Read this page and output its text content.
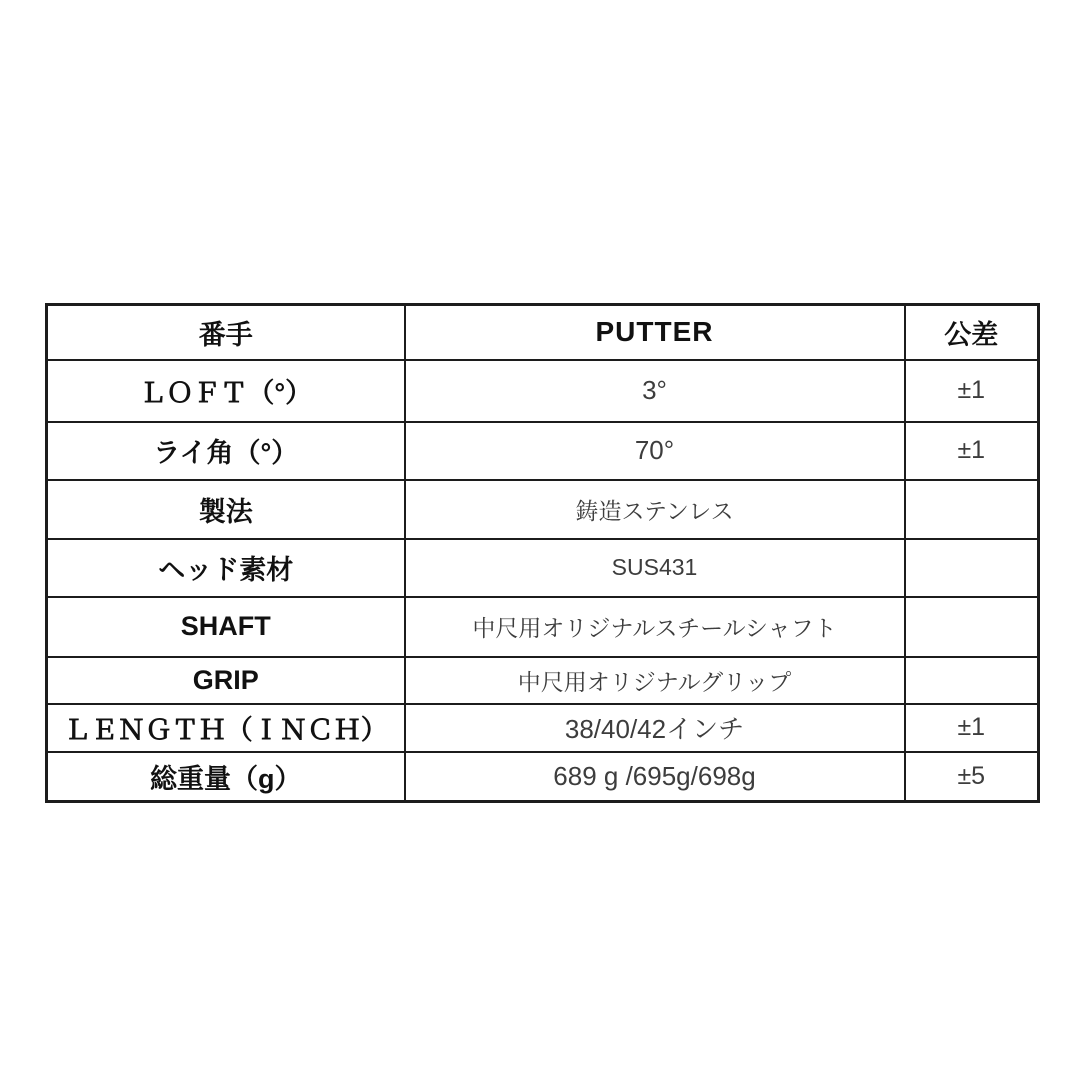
番手	PUTTER	公差
ＬＯＦＴ（°）	3°	±1
ライ角（°）	70°	±1
製法	鋳造ステンレス	
ヘッド素材	SUS431	
SHAFT	中尺用オリジナルスチールシャフト	
GRIP	中尺用オリジナルグリップ	
ＬＥＮＧＴＨ（ＩＮＣＨ）	38/40/42インチ	±1
総重量（g）	689 g /695g/698g	±5
